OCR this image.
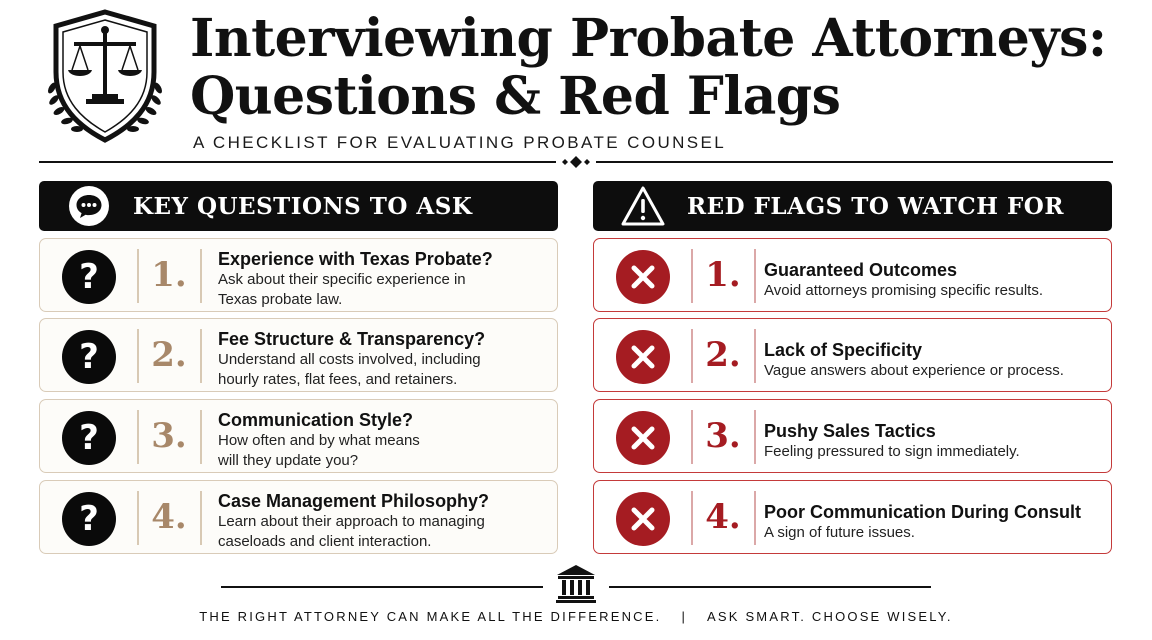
Interviewing Probate Attorneys:
Questions & Red Flags
A CHECKLIST FOR EVALUATING PROBATE COUNSEL
KEY QUESTIONS TO ASK	RED FLAGS TO WATCH FOR
? 1.	Experience with Texas Probate?
Ask about their specific experience in
Texas probate law.
? 2.	Fee Structure & Transparency?
Understand all costs involved, including
hourly rates, flat fees, and retainers.
? 3.	Communication Style?
How often and by what means
will they update you?
? 4.	Case Management Philosophy?
Learn about their approach to managing
caseloads and client interaction.
1.	Guaranteed Outcomes
Avoid attorneys promising specific results.
2.	Lack of Specificity
Vague answers about experience or process.
3.	Pushy Sales Tactics
Feeling pressured to sign immediately.
4.	Poor Communication During Consult
A sign of future issues.
THE RIGHT ATTORNEY CAN MAKE ALL THE DIFFERENCE. | ASK SMART. CHOOSE WISELY.
